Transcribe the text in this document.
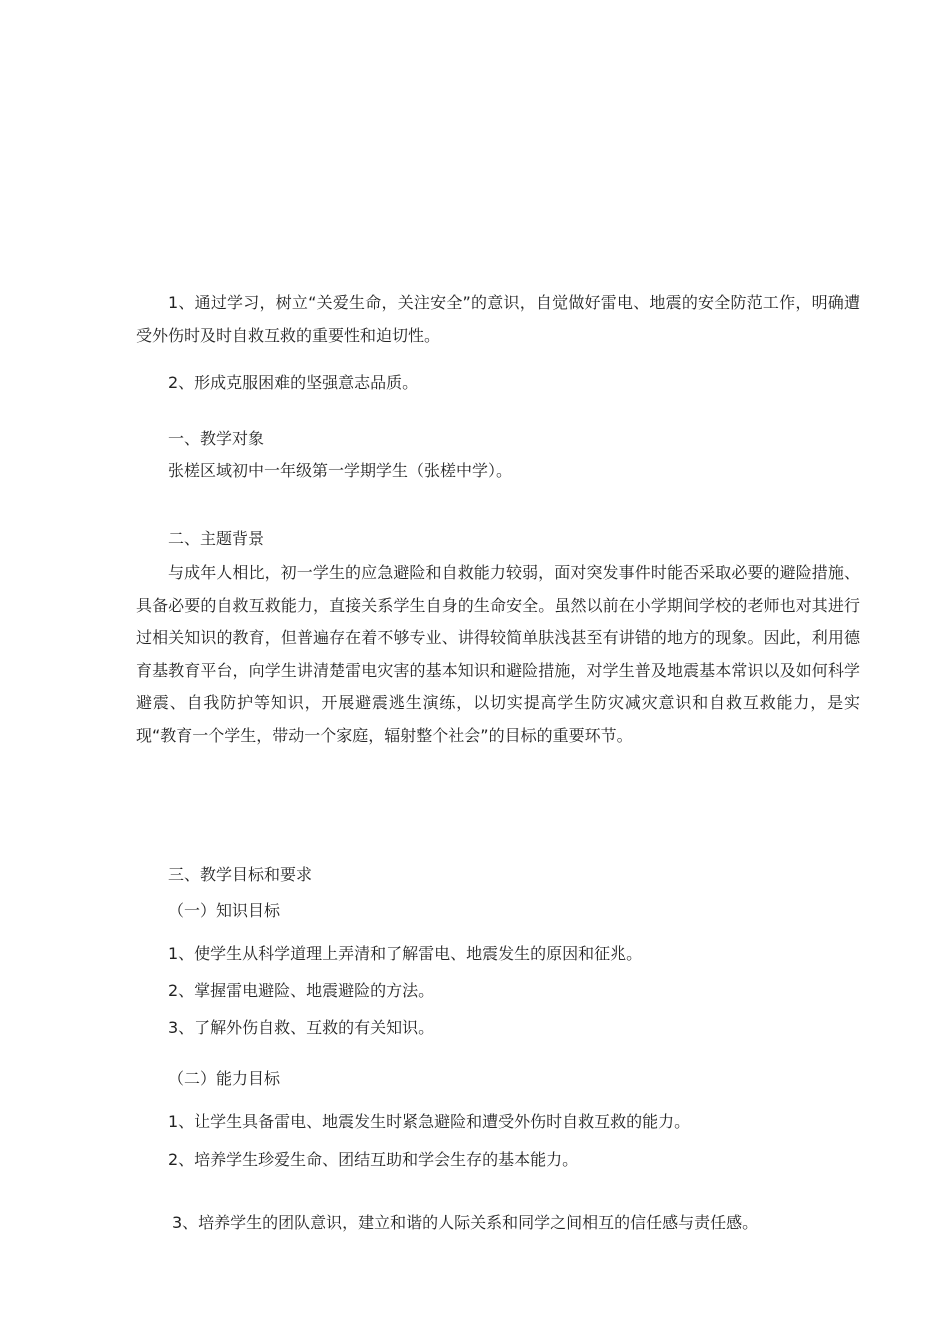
1、通过学习，树立“关爱生命，关注安全”的意识，自觉做好雷电、地震的安全防范工作，明确遭受外伤时及时自救互救的重要性和迫切性。
2、形成克服困难的坚强意志品质。
一、教学对象
张槎区域初中一年级第一学期学生（张槎中学）。
二、主题背景
与成年人相比，初一学生的应急避险和自救能力较弱，面对突发事件时能否采取必要的避险措施、具备必要的自救互救能力，直接关系学生自身的生命安全。虽然以前在小学期间学校的老师也对其进行过相关知识的教育，但普遍存在着不够专业、讲得较简单肤浅甚至有讲错的地方的现象。因此，利用德育基教育平台，向学生讲清楚雷电灾害的基本知识和避险措施，对学生普及地震基本常识以及如何科学避震、自我防护等知识，开展避震逃生演练，以切实提高学生防灾减灾意识和自救互救能力，是实现“教育一个学生，带动一个家庭，辐射整个社会”的目标的重要环节。
三、教学目标和要求
（一）知识目标
1、使学生从科学道理上弄清和了解雷电、地震发生的原因和征兆。
2、掌握雷电避险、地震避险的方法。
3、了解外伤自救、互救的有关知识。
（二）能力目标
1、让学生具备雷电、地震发生时紧急避险和遭受外伤时自救互救的能力。
2、培养学生珍爱生命、团结互助和学会生存的基本能力。
3、培养学生的团队意识，建立和谐的人际关系和同学之间相互的信任感与责任感。
